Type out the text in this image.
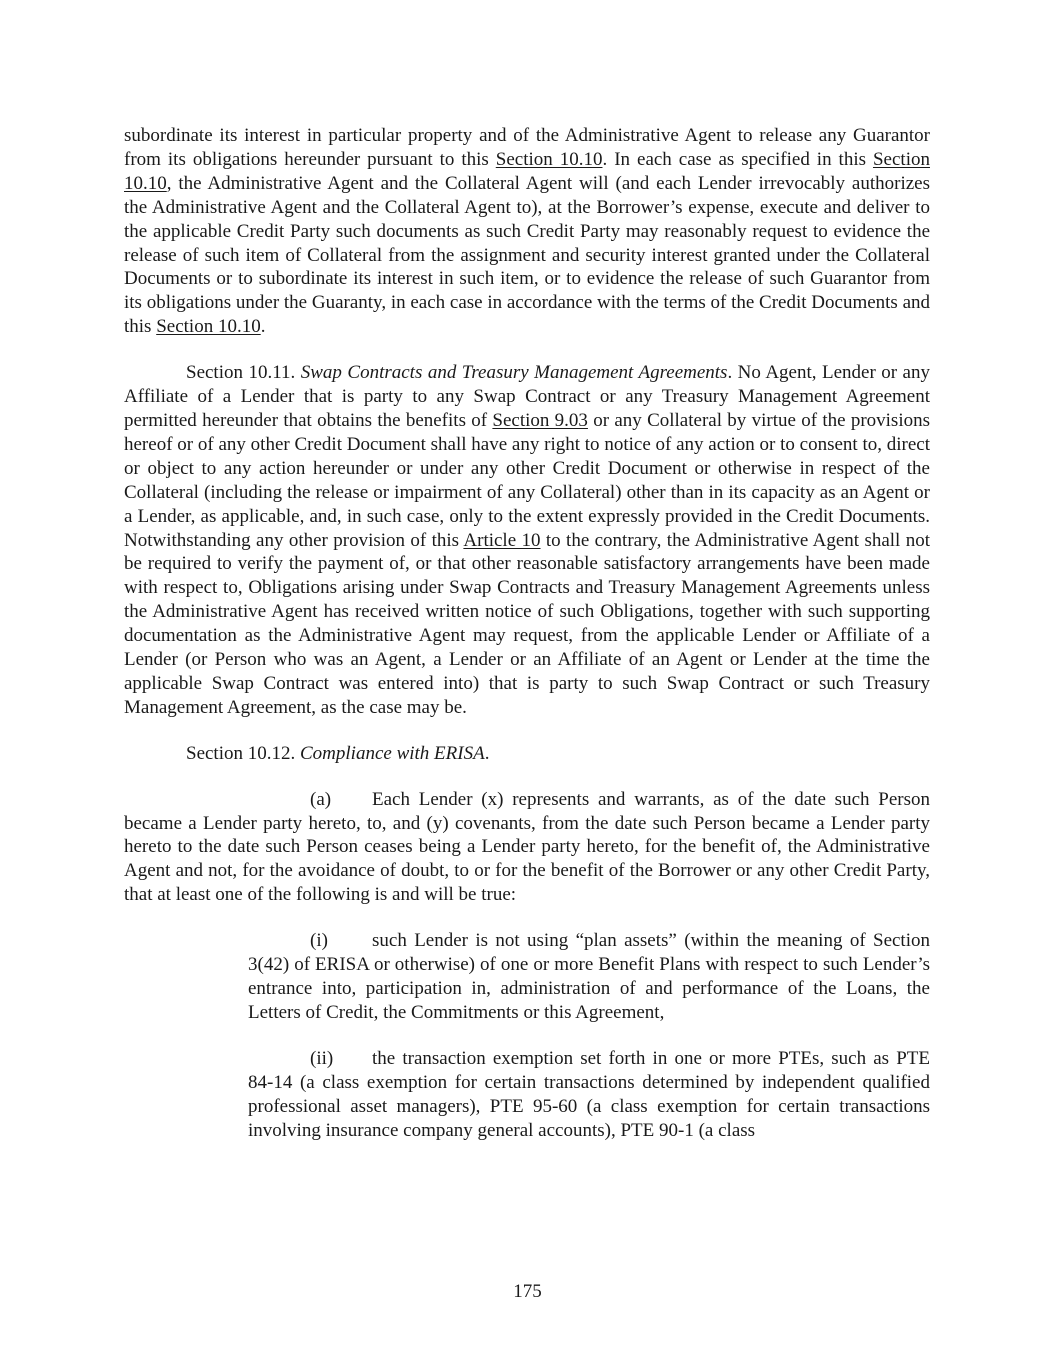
subordinate its interest in particular property and of the Administrative Agent to release any Guarantor from its obligations hereunder pursuant to this Section 10.10. In each case as specified in this Section 10.10, the Administrative Agent and the Collateral Agent will (and each Lender irrevocably authorizes the Administrative Agent and the Collateral Agent to), at the Borrower’s expense, execute and deliver to the applicable Credit Party such documents as such Credit Party may reasonably request to evidence the release of such item of Collateral from the assignment and security interest granted under the Collateral Documents or to subordinate its interest in such item, or to evidence the release of such Guarantor from its obligations under the Guaranty, in each case in accordance with the terms of the Credit Documents and this Section 10.10.

Section 10.11. Swap Contracts and Treasury Management Agreements. No Agent, Lender or any Affiliate of a Lender that is party to any Swap Contract or any Treasury Management Agreement permitted hereunder that obtains the benefits of Section 9.03 or any Collateral by virtue of the provisions hereof or of any other Credit Document shall have any right to notice of any action or to consent to, direct or object to any action hereunder or under any other Credit Document or otherwise in respect of the Collateral (including the release or impairment of any Collateral) other than in its capacity as an Agent or a Lender, as applicable, and, in such case, only to the extent expressly provided in the Credit Documents. Notwithstanding any other provision of this Article 10 to the contrary, the Administrative Agent shall not be required to verify the payment of, or that other reasonable satisfactory arrangements have been made with respect to, Obligations arising under Swap Contracts and Treasury Management Agreements unless the Administrative Agent has received written notice of such Obligations, together with such supporting documentation as the Administrative Agent may request, from the applicable Lender or Affiliate of a Lender (or Person who was an Agent, a Lender or an Affiliate of an Agent or Lender at the time the applicable Swap Contract was entered into) that is party to such Swap Contract or such Treasury Management Agreement, as the case may be.

Section 10.12. Compliance with ERISA.

(a) Each Lender (x) represents and warrants, as of the date such Person became a Lender party hereto, to, and (y) covenants, from the date such Person became a Lender party hereto to the date such Person ceases being a Lender party hereto, for the benefit of, the Administrative Agent and not, for the avoidance of doubt, to or for the benefit of the Borrower or any other Credit Party, that at least one of the following is and will be true:

(i) such Lender is not using “plan assets” (within the meaning of Section 3(42) of ERISA or otherwise) of one or more Benefit Plans with respect to such Lender’s entrance into, participation in, administration of and performance of the Loans, the Letters of Credit, the Commitments or this Agreement,

(ii) the transaction exemption set forth in one or more PTEs, such as PTE 84-14 (a class exemption for certain transactions determined by independent qualified professional asset managers), PTE 95-60 (a class exemption for certain transactions involving insurance company general accounts), PTE 90-1 (a class

175
